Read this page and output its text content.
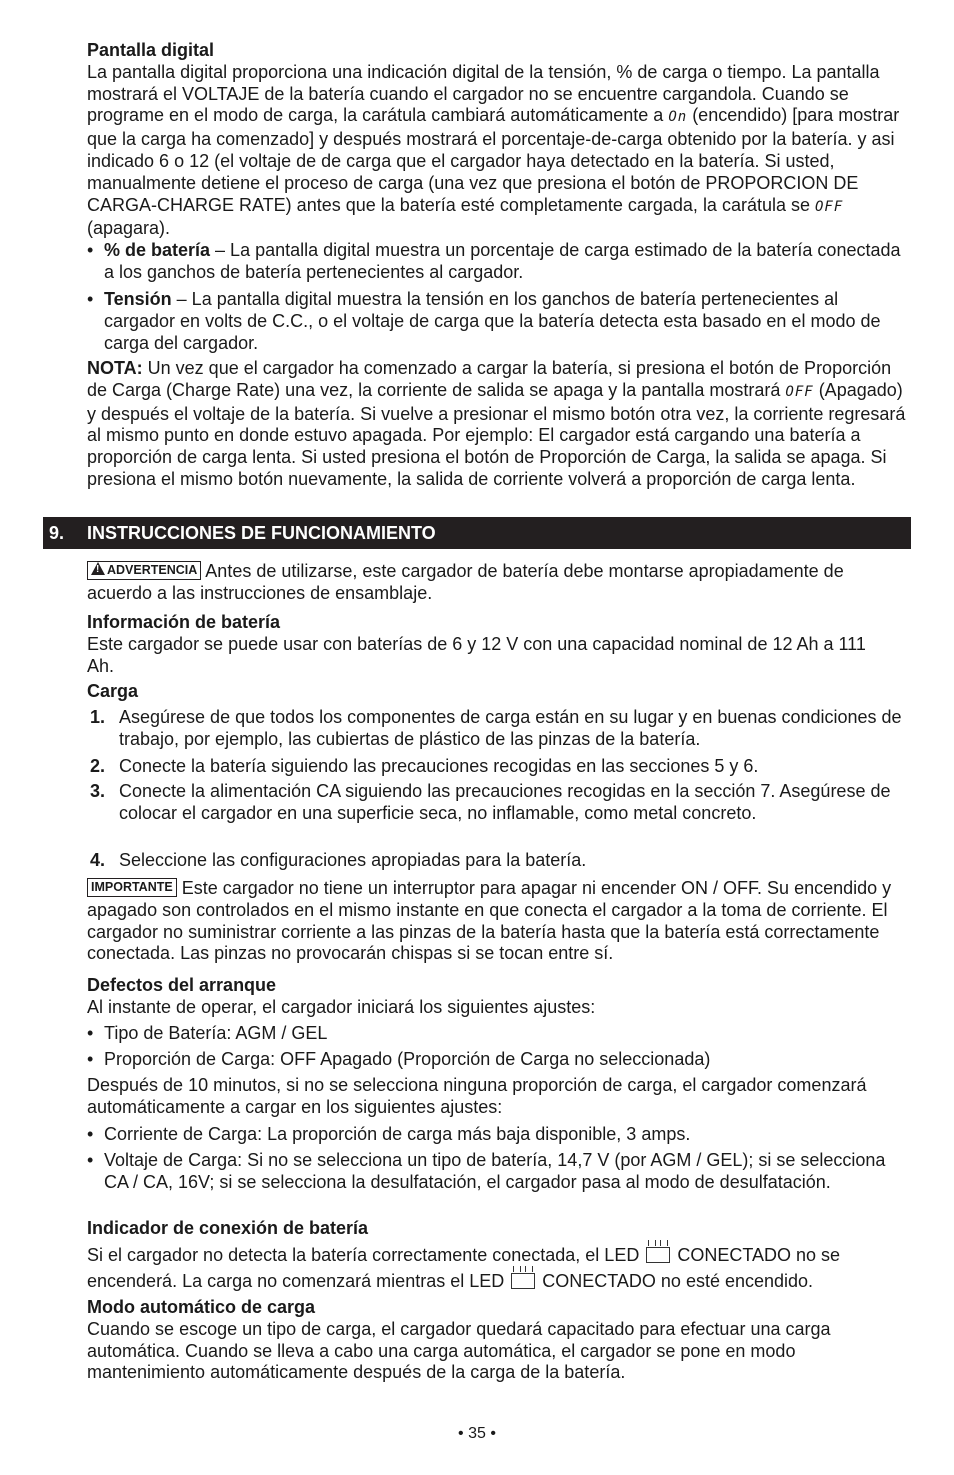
Pantalla digital

La pantalla digital proporciona una indicación digital de la tensión, % de carga o tiempo. La pantalla mostrará el VOLTAJE de la batería cuando el cargador no se encuentre cargandola. Cuando se programe en el modo de carga, la carátula cambiará automáticamente a On (encendido) [para mostrar que la carga ha comenzado] y después mostrará el porcentaje-de-carga obtenido por la batería. y asi indicado 6 o 12 (el voltaje de de carga que el cargador haya detectado en la batería. Si usted, manualmente detiene el proceso de carga (una vez que presiona el botón de PROPORCION DE CARGA-CHARGE RATE) antes que la batería esté completamente cargada, la carátula se OFF (apagara).

• % de batería – La pantalla digital muestra un porcentaje de carga estimado de la batería conectada a los ganchos de batería pertenecientes al cargador.

• Tensión – La pantalla digital muestra la tensión en los ganchos de batería pertenecientes al cargador en volts de C.C., o el voltaje de carga que la batería detecta esta basado en el modo de carga del cargador.

NOTA: Un vez que el cargador ha comenzado a cargar la batería, si presiona el botón de Proporción de Carga (Charge Rate) una vez, la corriente de salida se apaga y la pantalla mostrará OFF (Apagado) y después el voltaje de la batería. Si vuelve a presionar el mismo botón otra vez, la corriente regresará al mismo punto en donde estuvo apagada. Por ejemplo: El cargador está cargando una batería a proporción de carga lenta. Si usted presiona el botón de Proporción de Carga, la salida se apaga. Si presiona el mismo botón nuevamente, la salida de corriente volverá a proporción de carga lenta.

9. INSTRUCCIONES DE FUNCIONAMIENTO

!ADVERTENCIA Antes de utilizarse, este cargador de batería debe montarse apropiadamente de acuerdo a las instrucciones de ensamblaje.

Información de batería

Este cargador se puede usar con baterías de 6 y 12 V con una capacidad nominal de 12 Ah a 111 Ah.

Carga

1. Asegúrese de que todos los componentes de carga están en su lugar y en buenas condiciones de trabajo, por ejemplo, las cubiertas de plástico de las pinzas de la batería.

2. Conecte la batería siguiendo las precauciones recogidas en las secciones 5 y 6.

3. Conecte la alimentación CA siguiendo las precauciones recogidas en la sección 7. Asegúrese de colocar el cargador en una superficie seca, no inflamable, como metal concreto.

4. Seleccione las configuraciones apropiadas para la batería.

IMPORTANTE Este cargador no tiene un interruptor para apagar ni encender ON / OFF. Su encendido y apagado son controlados en el mismo instante en que conecta el cargador a la toma de corriente. El cargador no suministrar corriente a las pinzas de la batería hasta que la batería está correctamente conectada. Las pinzas no provocarán chispas si se tocan entre sí.

Defectos del arranque

Al instante de operar, el cargador iniciará los siguientes ajustes:

• Tipo de Batería: AGM / GEL

• Proporción de Carga: OFF Apagado (Proporción de Carga no seleccionada)

Después de 10 minutos, si no se selecciona ninguna proporción de carga, el cargador comenzará automáticamente a cargar en los siguientes ajustes:

• Corriente de Carga: La proporción de carga más baja disponible, 3 amps.

• Voltaje de Carga: Si no se selecciona un tipo de batería, 14,7 V (por AGM / GEL); si se selecciona CA / CA, 16V; si se selecciona la desulfatación, el cargador pasa al modo de desulfatación.

Indicador de conexión de batería

Si el cargador no detecta la batería correctamente conectada, el LED  CONECTADO no se encenderá. La carga no comenzará mientras el LED  CONECTADO no esté encendido.

Modo automático de carga

Cuando se escoge un tipo de carga, el cargador quedará capacitado para efectuar una carga automática. Cuando se lleva a cabo una carga automática, el cargador se pone en modo mantenimiento automáticamente después de la carga de la batería.

• 35 •
